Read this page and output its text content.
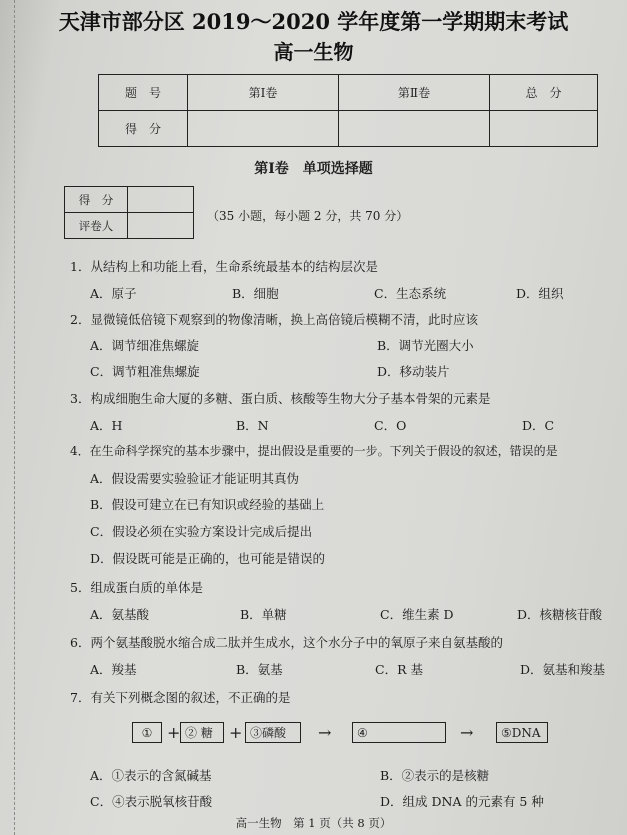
天津市部分区 2019～2020 学年度第一学期期末考试
高一生物
题　号	第Ⅰ卷	第Ⅱ卷	总　分
得　分			
第Ⅰ卷　单项选择题
得　分	
评卷人	
（35 小题，每小题 2 分，共 70 分）
1．从结构上和功能上看，生命系统最基本的结构层次是
A．原子	B．细胞	C．生态系统	D．组织
2．显微镜低倍镜下观察到的物像清晰，换上高倍镜后模糊不清，此时应该
A．调节细准焦螺旋	B．调节光圈大小
C．调节粗准焦螺旋	D．移动装片
3．构成细胞生命大厦的多糖、蛋白质、核酸等生物大分子基本骨架的元素是
A．H	B．N	C．O	D．C
4．在生命科学探究的基本步骤中，提出假设是重要的一步。下列关于假设的叙述，错误的是
A．假设需要实验验证才能证明其真伪
B．假设可建立在已有知识或经验的基础上
C．假设必须在实验方案设计完成后提出
D．假设既可能是正确的，也可能是错误的
5．组成蛋白质的单体是
A．氨基酸	B．单糖	C．维生素 D	D．核糖核苷酸
6．两个氨基酸脱水缩合成二肽并生成水，这个水分子中的氧原子来自氨基酸的
A．羧基	B．氨基	C．R 基	D．氨基和羧基
7．有关下列概念图的叙述，不正确的是
① + ② 糖	+ ③磷酸	→	④	→	⑤DNA
A．①表示的含氮碱基	B．②表示的是核糖
C．④表示脱氧核苷酸	D．组成 DNA 的元素有 5 种
高一生物　第 1 页（共 8 页）
